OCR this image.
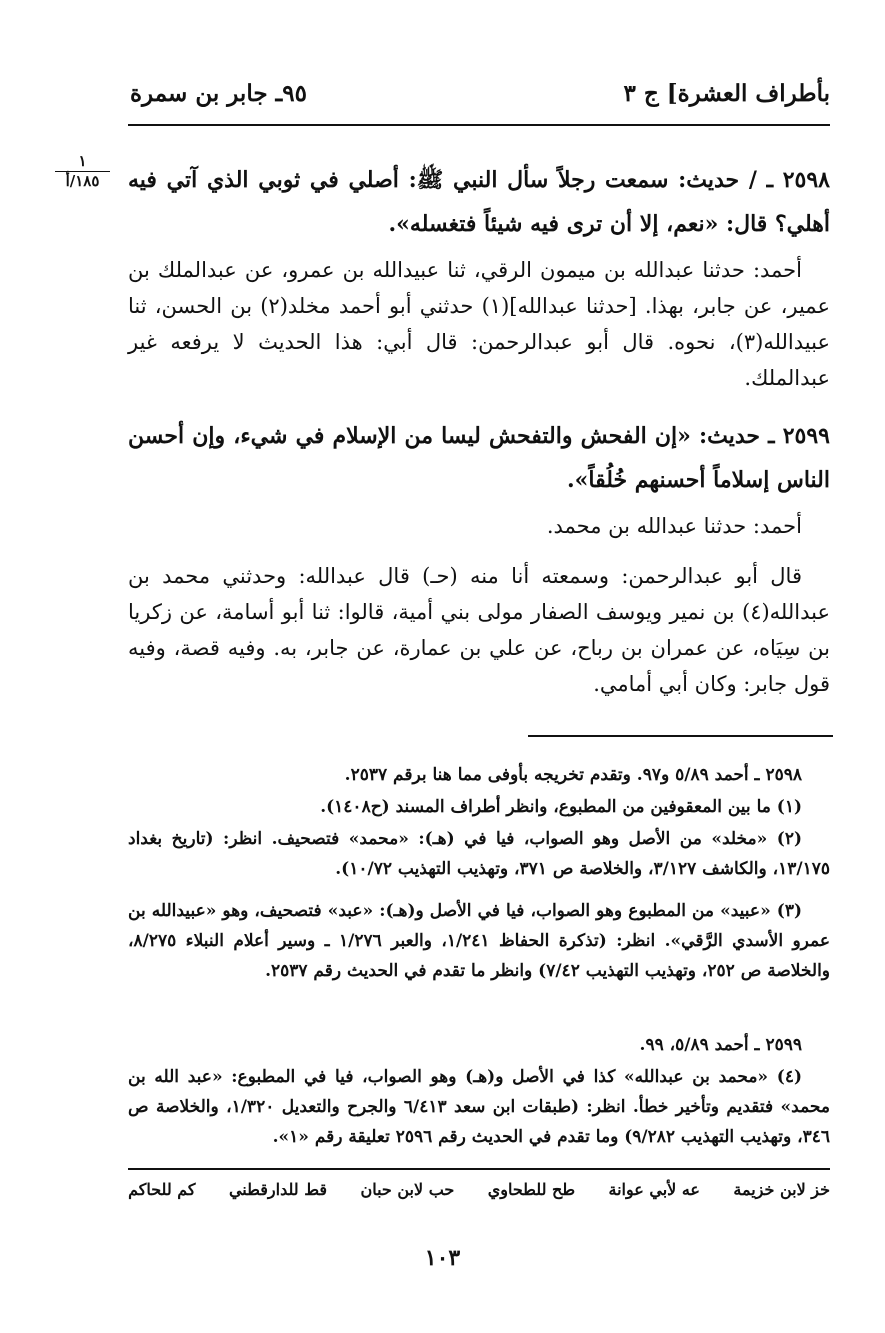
بأطراف العشرة] ج ٣
٩٥ـ جابر بن سمرة
١
١٨٥/أ	٢٥٩٨ ـ / حديث: سمعت رجلاً سأل النبي ﷺ: أصلي في ثوبي الذي آتي فيه أهلي؟ قال: «نعم، إلا أن ترى فيه شيئاً فتغسله».
أحمد: حدثنا عبدالله بن ميمون الرقي، ثنا عبيدالله بن عمرو، عن عبدالملك بن عمير، عن جابر، بهذا. [حدثنا عبدالله](١) حدثني أبو أحمد مخلد(٢) بن الحسن، ثنا عبيدالله(٣)، نحوه. قال أبو عبدالرحمن: قال أبي: هذا الحديث لا يرفعه غير عبدالملك.
٢٥٩٩ ـ حديث: «إن الفحش والتفحش ليسا من الإسلام في شيء، وإن أحسن الناس إسلاماً أحسنهم خُلُقاً».
أحمد: حدثنا عبدالله بن محمد.
قال أبو عبدالرحمن: وسمعته أنا منه (حـ) قال عبدالله: وحدثني محمد بن عبدالله(٤) بن نمير ويوسف الصفار مولى بني أمية، قالوا: ثنا أبو أسامة، عن زكريا بن سِيَاه، عن عمران بن رباح، عن علي بن عمارة، عن جابر، به. وفيه قصة، وفيه قول جابر: وكان أبي أمامي.
٢٥٩٨ ـ أحمد ٥/٨٩ و٩٧. وتقدم تخريجه بأوفى مما هنا برقم ٢٥٣٧.
(١) ما بين المعقوفين من المطبوع، وانظر أطراف المسند (ح١٤٠٨).
(٢) «مخلد» من الأصل وهو الصواب، فيا في (هـ): «محمد» فتصحيف. انظر: (تاريخ بغداد ١٣/١٧٥، والكاشف ٣/١٢٧، والخلاصة ص ٣٧١، وتهذيب التهذيب ١٠/٧٢).
(٣) «عبيد» من المطبوع وهو الصواب، فيا في الأصل و(هـ): «عبد» فتصحيف، وهو «عبيدالله بن عمرو الأسدي الرَّقي». انظر: (تذكرة الحفاظ ١/٢٤١، والعبر ١/٢٧٦ ـ وسير أعلام النبلاء ٨/٢٧٥، والخلاصة ص ٢٥٢، وتهذيب التهذيب ٧/٤٢) وانظر ما تقدم في الحديث رقم ٢٥٣٧.
٢٥٩٩ ـ أحمد ٥/٨٩، ٩٩.
(٤) «محمد بن عبدالله» كذا في الأصل و(هـ) وهو الصواب، فيا في المطبوع: «عبد الله بن محمد» فتقديم وتأخير خطأ. انظر: (طبقات ابن سعد ٦/٤١٣ والجرح والتعديل ١/٣٢٠، والخلاصة ص ٣٤٦، وتهذيب التهذيب ٩/٢٨٢) وما تقدم في الحديث رقم ٢٥٩٦ تعليقة رقم «١».
خز لابن خزيمة
عه لأبي عوانة
طح للطحاوي
حب لابن حبان
قط للدارقطني
كم للحاكم
١٠٣
